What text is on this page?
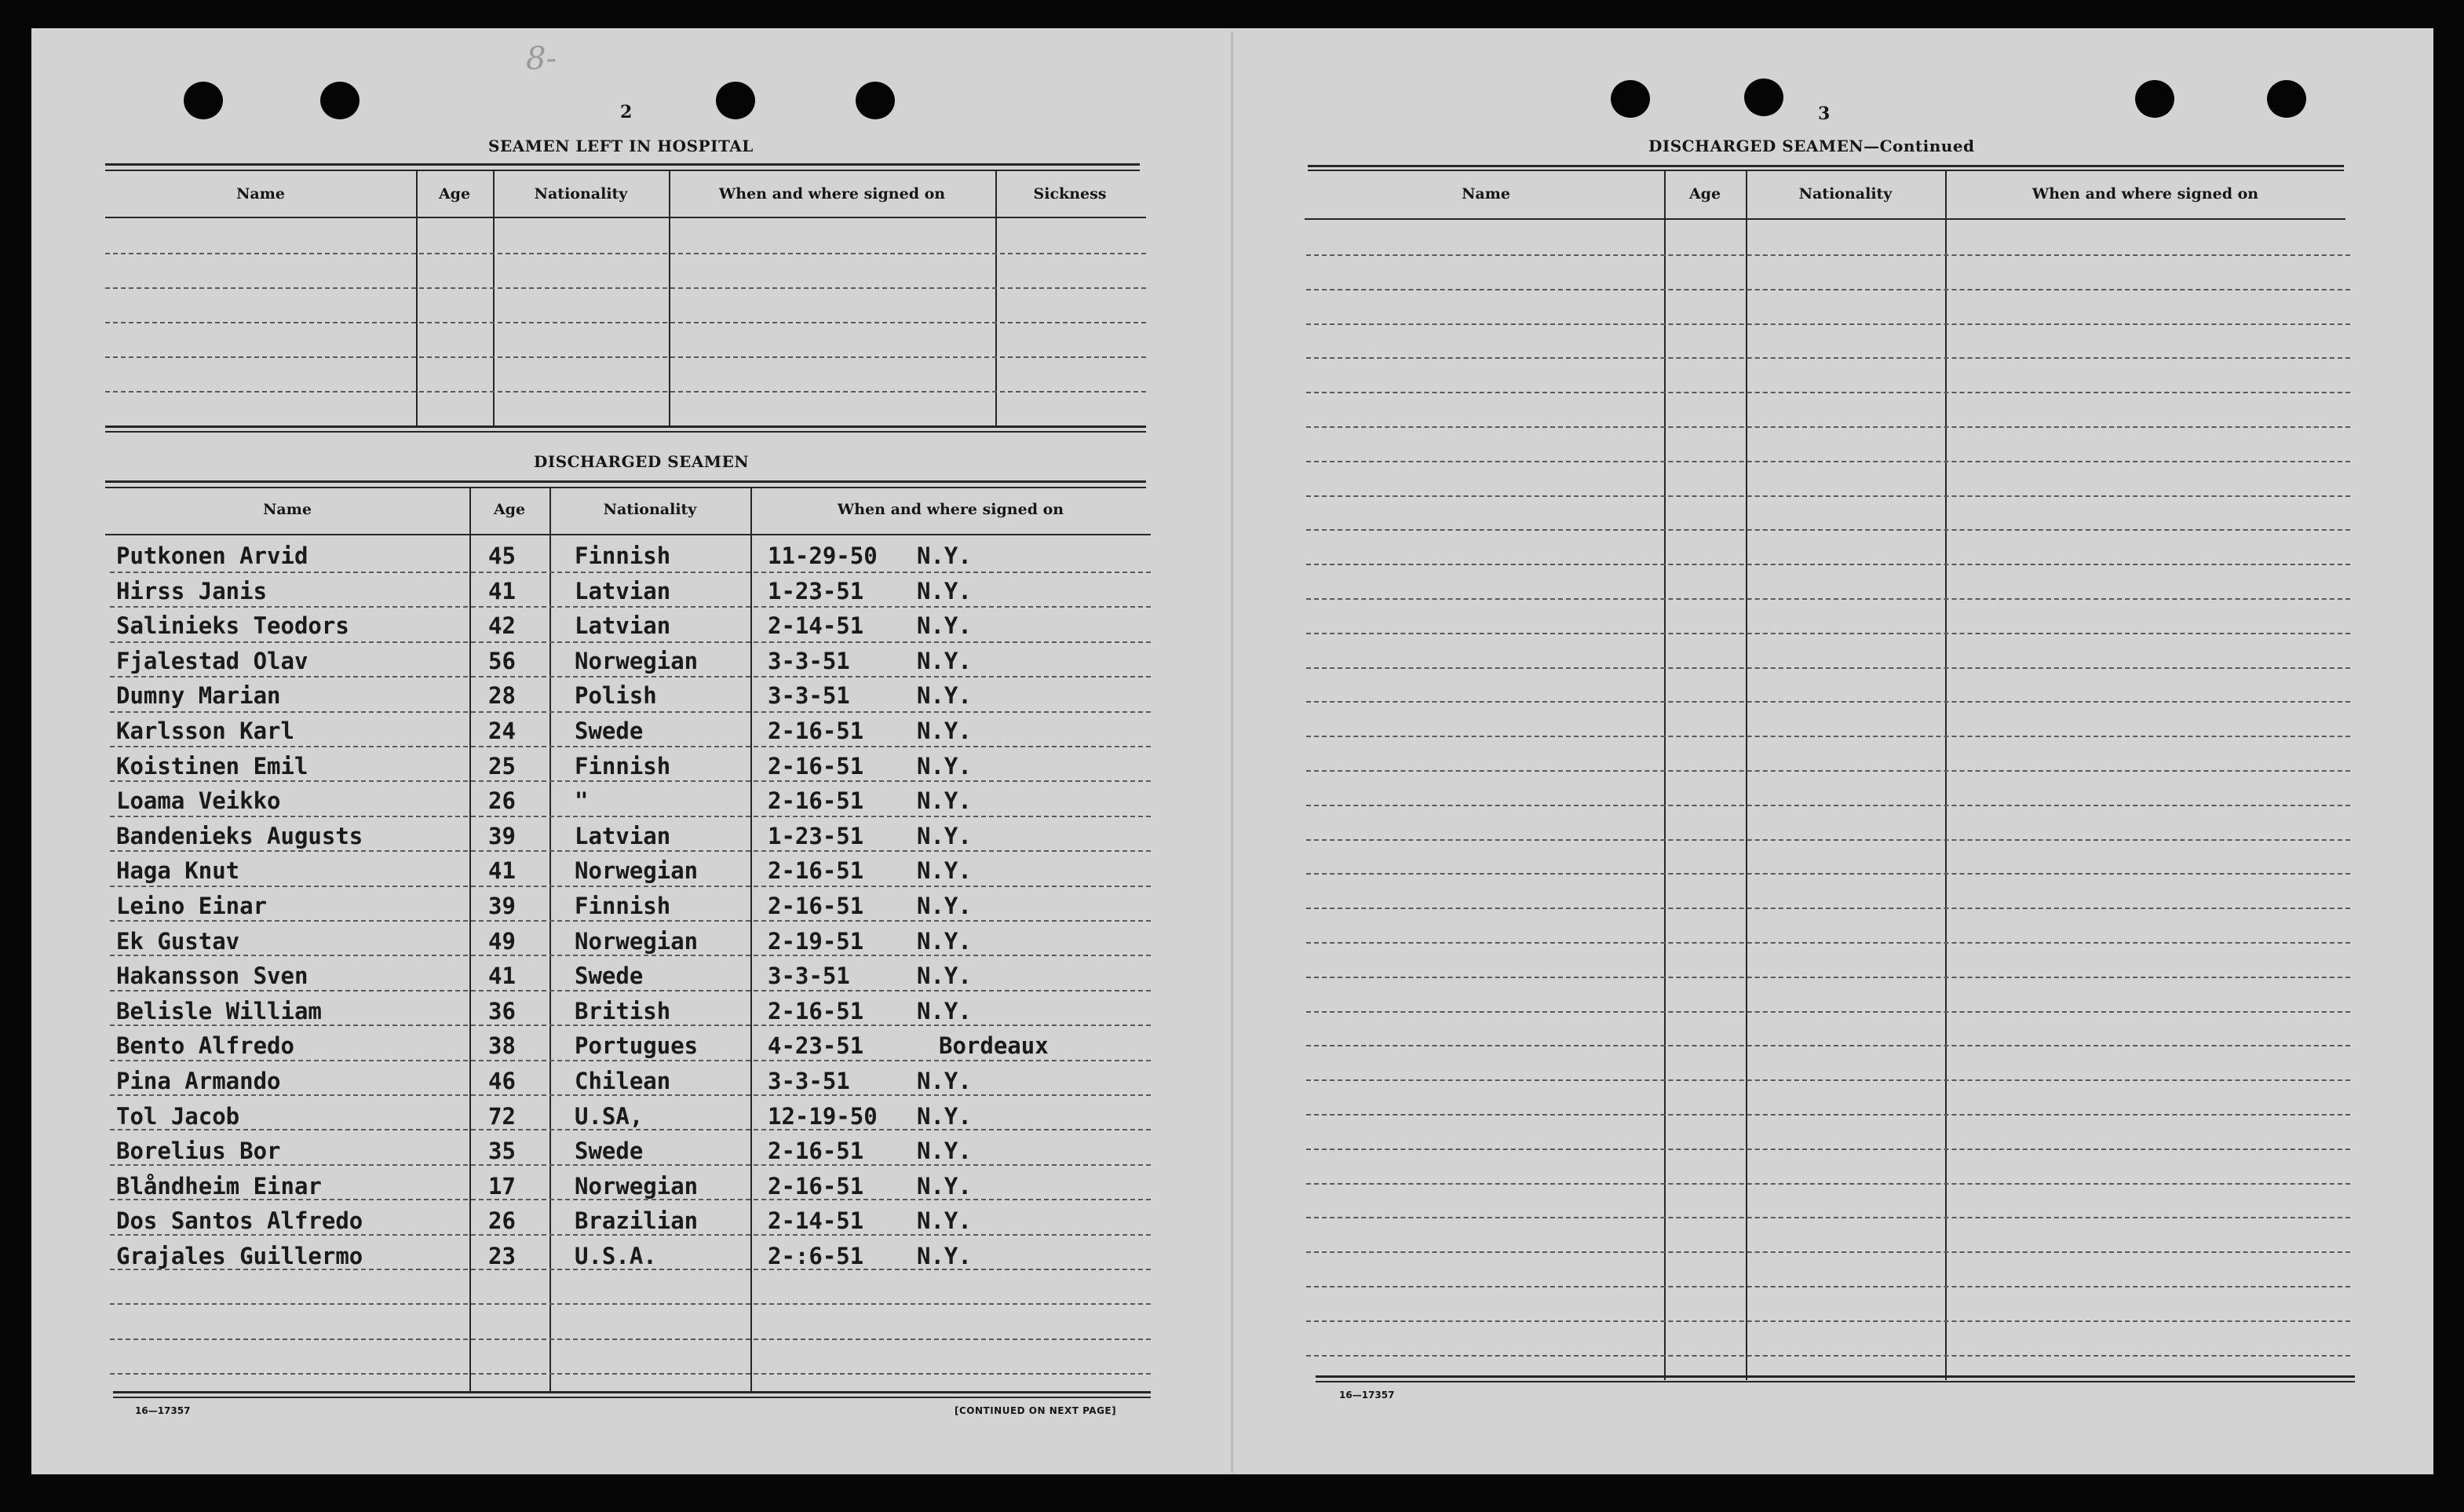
8-
2
SEAMEN LEFT IN HOSPITAL
Name	Age	Nationality	When and where signed on	Sickness
DISCHARGED SEAMEN
Name	Age	Nationality	When and where signed on
Putkonen Arvid	45	Finnish	11-29-50 N.Y.
Hirss Janis	41	Latvian	1-23-51 N.Y.
Salinieks Teodors	42	Latvian	2-14-51 N.Y.
Fjalestad Olav	56	Norwegian	3-3-51	N.Y.
Dumny Marian	28	Polish	3-3-51	N.Y.
Karlsson Karl	24	Swede	2-16-51 N.Y.
Koistinen Emil	25	Finnish	2-16-51 N.Y.
Loama Veikko	26	"	2-16-51 N.Y.
Bandenieks Augusts	39	Latvian	1-23-51 N.Y.
Haga Knut	41	Norwegian	2-16-51 N.Y.
Leino Einar	39	Finnish	2-16-51 N.Y.
Ek Gustav	49	Norwegian	2-19-51 N.Y.
Hakansson Sven	41	Swede	3-3-51	N.Y.
Belisle William	36	British	2-16-51 N.Y.
Bento Alfredo	38	Portugues	4-23-51	Bordeaux
Pina Armando	46	Chilean	3-3-51	N.Y.
Tol Jacob	72	U.SA,	12-19-50 N.Y.
Borelius Bor	35	Swede	2-16-51 N.Y.
Blåndheim Einar	17	Norwegian	2-16-51 N.Y.
Dos Santos Alfredo	26	Brazilian	2-14-51 N.Y.
Grajales Guillermo	23	U.S.A.	2-:6-51 N.Y.
16—17357	[CONTINUED ON NEXT PAGE]
3
DISCHARGED SEAMEN—Continued
Name	Age	Nationality	When and where signed on
16—17357
